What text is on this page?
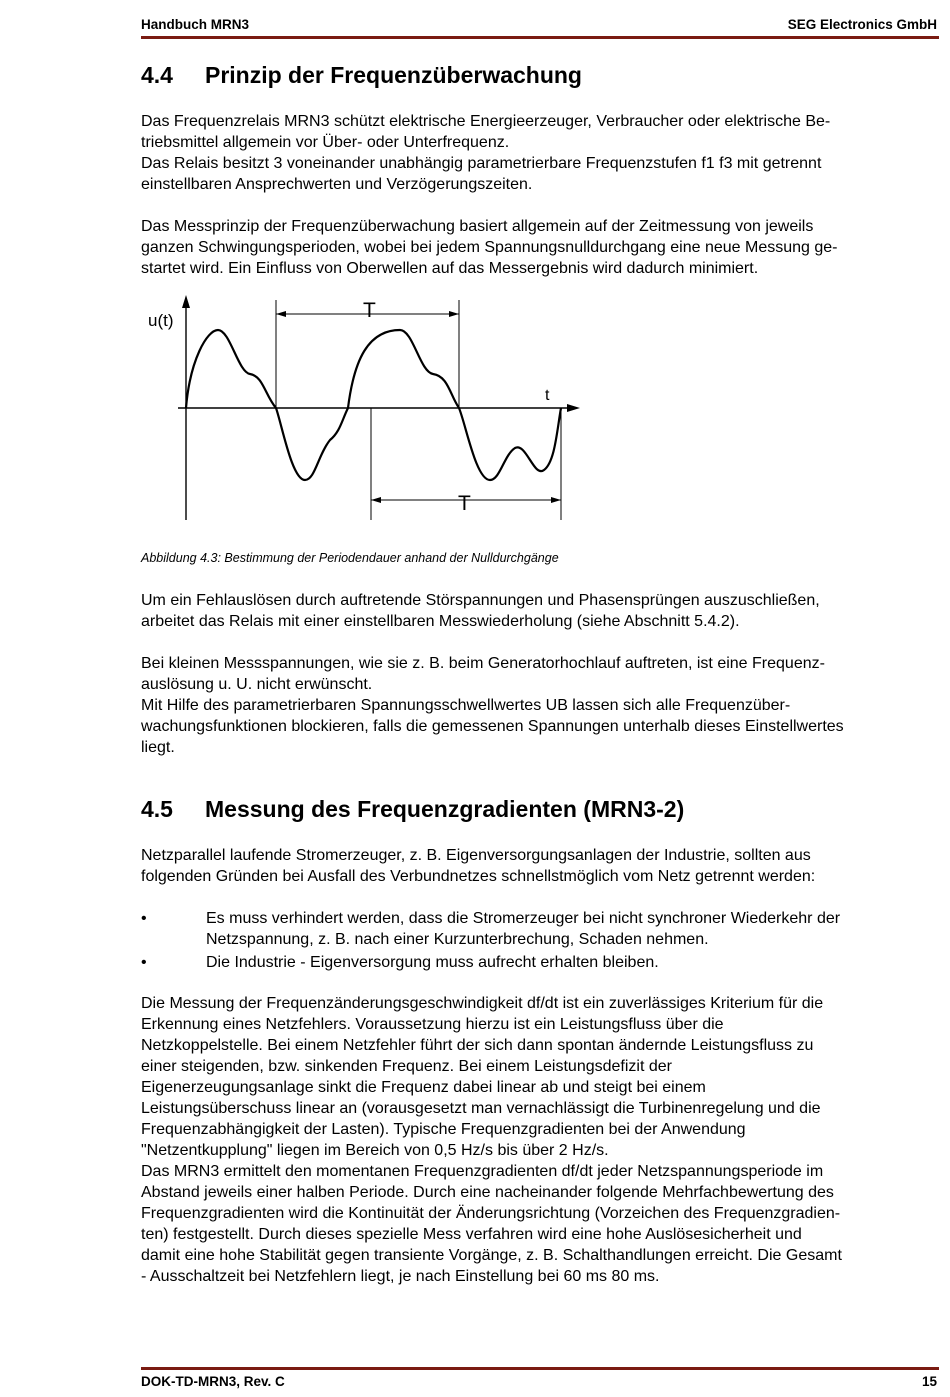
Handbuch MRN3	SEG Electronics GmbH
4.4 Prinzip der Frequenzüberwachung
Das Frequenzrelais MRN3 schützt elektrische Energieerzeuger, Verbraucher oder elektrische Be-
triebsmittel allgemein vor Über- oder Unterfrequenz.
Das Relais besitzt 3 voneinander unabhängig parametrierbare Frequenzstufen f1 f3 mit getrennt
einstellbaren Ansprechwerten und Verzögerungszeiten.
Das Messprinzip der Frequenzüberwachung basiert allgemein auf der Zeitmessung von jeweils
ganzen Schwingungsperioden, wobei bei jedem Spannungsnulldurchgang eine neue Messung ge-
startet wird. Ein Einfluss von Oberwellen auf das Messergebnis wird dadurch minimiert.
u(t)
t
T
T
Abbildung 4.3: Bestimmung der Periodendauer anhand der Nulldurchgänge
Um ein Fehlauslösen durch auftretende Störspannungen und Phasensprüngen auszuschließen,
arbeitet das Relais mit einer einstellbaren Messwiederholung (siehe Abschnitt 5.4.2).
Bei kleinen Messspannungen, wie sie z. B. beim Generatorhochlauf auftreten, ist eine Frequenz-
auslösung u. U. nicht erwünscht.
Mit Hilfe des parametrierbaren Spannungsschwellwertes UB lassen sich alle Frequenzüber-
wachungsfunktionen blockieren, falls die gemessenen Spannungen unterhalb dieses Einstellwertes
liegt.
4.5 Messung des Frequenzgradienten (MRN3-2)
Netzparallel laufende Stromerzeuger, z. B. Eigenversorgungsanlagen der Industrie, sollten aus
folgenden Gründen bei Ausfall des Verbundnetzes schnellstmöglich vom Netz getrennt werden:
•	Es muss verhindert werden, dass die Stromerzeuger bei nicht synchroner Wiederkehr der
Netzspannung, z. B. nach einer Kurzunterbrechung, Schaden nehmen.
•	Die Industrie - Eigenversorgung muss aufrecht erhalten bleiben.
Die Messung der Frequenzänderungsgeschwindigkeit df/dt ist ein zuverlässiges Kriterium für die
Erkennung eines Netzfehlers. Voraussetzung hierzu ist ein Leistungsfluss über die
Netzkoppelstelle. Bei einem Netzfehler führt der sich dann spontan ändernde Leistungsfluss zu
einer steigenden, bzw. sinkenden Frequenz. Bei einem Leistungsdefizit der
Eigenerzeugungsanlage sinkt die Frequenz dabei linear ab und steigt bei einem
Leistungsüberschuss linear an (vorausgesetzt man vernachlässigt die Turbinenregelung und die
Frequenzabhängigkeit der Lasten). Typische Frequenzgradienten bei der Anwendung
"Netzentkupplung" liegen im Bereich von 0,5 Hz/s bis über 2 Hz/s.
Das MRN3 ermittelt den momentanen Frequenzgradienten df/dt jeder Netzspannungsperiode im
Abstand jeweils einer halben Periode. Durch eine nacheinander folgende Mehrfachbewertung des
Frequenzgradienten wird die Kontinuität der Änderungsrichtung (Vorzeichen des Frequenzgradien-
ten) festgestellt. Durch dieses spezielle Mess verfahren wird eine hohe Auslösesicherheit und
damit eine hohe Stabilität gegen transiente Vorgänge, z. B. Schalthandlungen erreicht. Die Gesamt
- Ausschaltzeit bei Netzfehlern liegt, je nach Einstellung bei 60 ms 80 ms.
DOK-TD-MRN3, Rev. C	15
